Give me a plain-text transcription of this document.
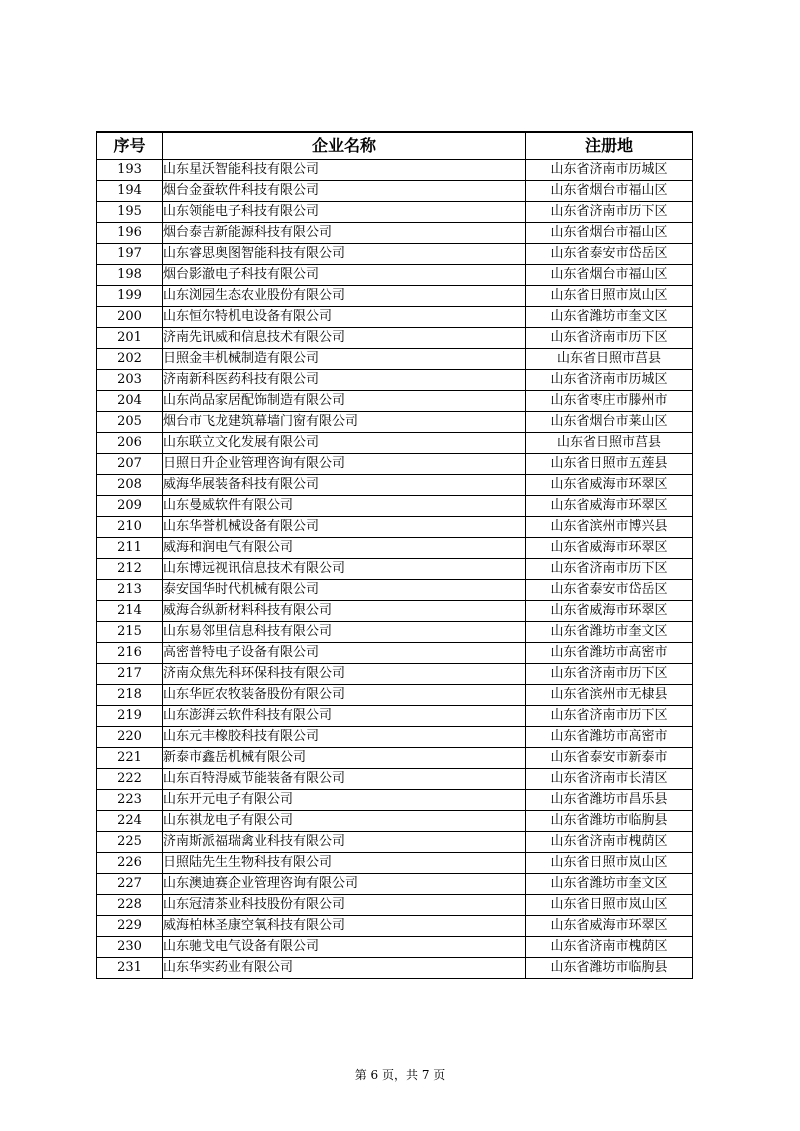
序号	企业名称	注册地
193	山东星沃智能科技有限公司	山东省济南市历城区
194	烟台金蚕软件科技有限公司	山东省烟台市福山区
195	山东领能电子科技有限公司	山东省济南市历下区
196	烟台泰吉新能源科技有限公司	山东省烟台市福山区
197	山东睿思奥图智能科技有限公司	山东省泰安市岱岳区
198	烟台影澈电子科技有限公司	山东省烟台市福山区
199	山东浏园生态农业股份有限公司	山东省日照市岚山区
200	山东恒尔特机电设备有限公司	山东省潍坊市奎文区
201	济南先讯威和信息技术有限公司	山东省济南市历下区
202	日照金丰机械制造有限公司	山东省日照市莒县
203	济南新科医药科技有限公司	山东省济南市历城区
204	山东尚品家居配饰制造有限公司	山东省枣庄市滕州市
205	烟台市飞龙建筑幕墙门窗有限公司	山东省烟台市莱山区
206	山东联立文化发展有限公司	山东省日照市莒县
207	日照日升企业管理咨询有限公司	山东省日照市五莲县
208	威海华展装备科技有限公司	山东省威海市环翠区
209	山东曼威软件有限公司	山东省威海市环翠区
210	山东华誉机械设备有限公司	山东省滨州市博兴县
211	威海和润电气有限公司	山东省威海市环翠区
212	山东博远视讯信息技术有限公司	山东省济南市历下区
213	泰安国华时代机械有限公司	山东省泰安市岱岳区
214	威海合纵新材料科技有限公司	山东省威海市环翠区
215	山东易邻里信息科技有限公司	山东省潍坊市奎文区
216	高密普特电子设备有限公司	山东省潍坊市高密市
217	济南众焦先科环保科技有限公司	山东省济南市历下区
218	山东华匠农牧装备股份有限公司	山东省滨州市无棣县
219	山东澎湃云软件科技有限公司	山东省济南市历下区
220	山东元丰橡胶科技有限公司	山东省潍坊市高密市
221	新泰市鑫岳机械有限公司	山东省泰安市新泰市
222	山东百特淂威节能装备有限公司	山东省济南市长清区
223	山东开元电子有限公司	山东省潍坊市昌乐县
224	山东祺龙电子有限公司	山东省潍坊市临朐县
225	济南斯派福瑞禽业科技有限公司	山东省济南市槐荫区
226	日照陆先生生物科技有限公司	山东省日照市岚山区
227	山东澳迪赛企业管理咨询有限公司	山东省潍坊市奎文区
228	山东冠清茶业科技股份有限公司	山东省日照市岚山区
229	威海柏林圣康空氧科技有限公司	山东省威海市环翠区
230	山东驰戈电气设备有限公司	山东省济南市槐荫区
231	山东华实药业有限公司	山东省潍坊市临朐县
第 6 页，共 7 页
